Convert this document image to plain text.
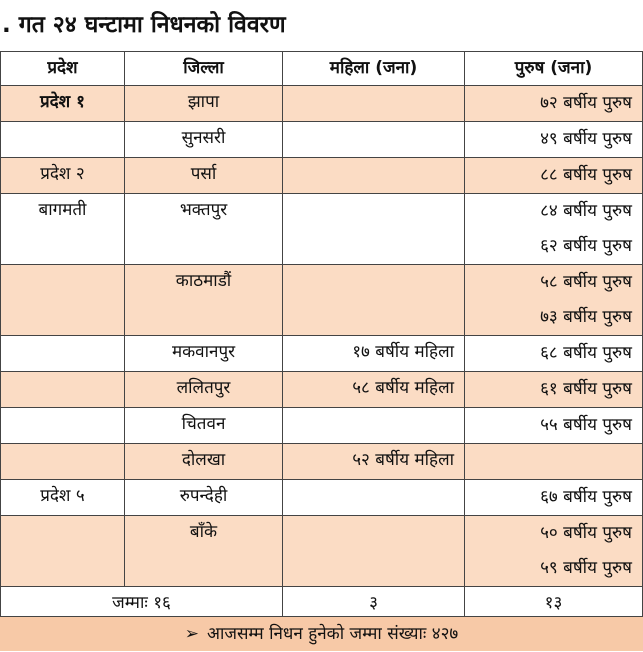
. गत २४ घन्टामा निधनको विवरण
प्रदेश	जिल्ला	महिला (जना)	पुरुष (जना)
प्रदेश १	झापा		७२ बर्षीय पुरुष

	सुनसरी		४९ बर्षीय पुरुष

प्रदेश २	पर्सा		८८ बर्षीय पुरुष

बागमती	भक्तपुर		८४ बर्षीय पुरुष
६२ बर्षीय पुरुष

	काठमाडौं		५८ बर्षीय पुरुष
७३ बर्षीय पुरुष

	मकवानपुर	१७ बर्षीय महिला	६८ बर्षीय पुरुष

	ललितपुर	५८ बर्षीय महिला	६१ बर्षीय पुरुष

	चितवन		५५ बर्षीय पुरुष

	दोलखा	५२ बर्षीय महिला	

प्रदेश ५	रुपन्देही		६७ बर्षीय पुरुष

	बाँके		५० बर्षीय पुरुष
५९ बर्षीय पुरुष

जम्माः १६		३	१३
➢ आजसम्म निधन हुनेको जम्मा संख्याः ४२७
